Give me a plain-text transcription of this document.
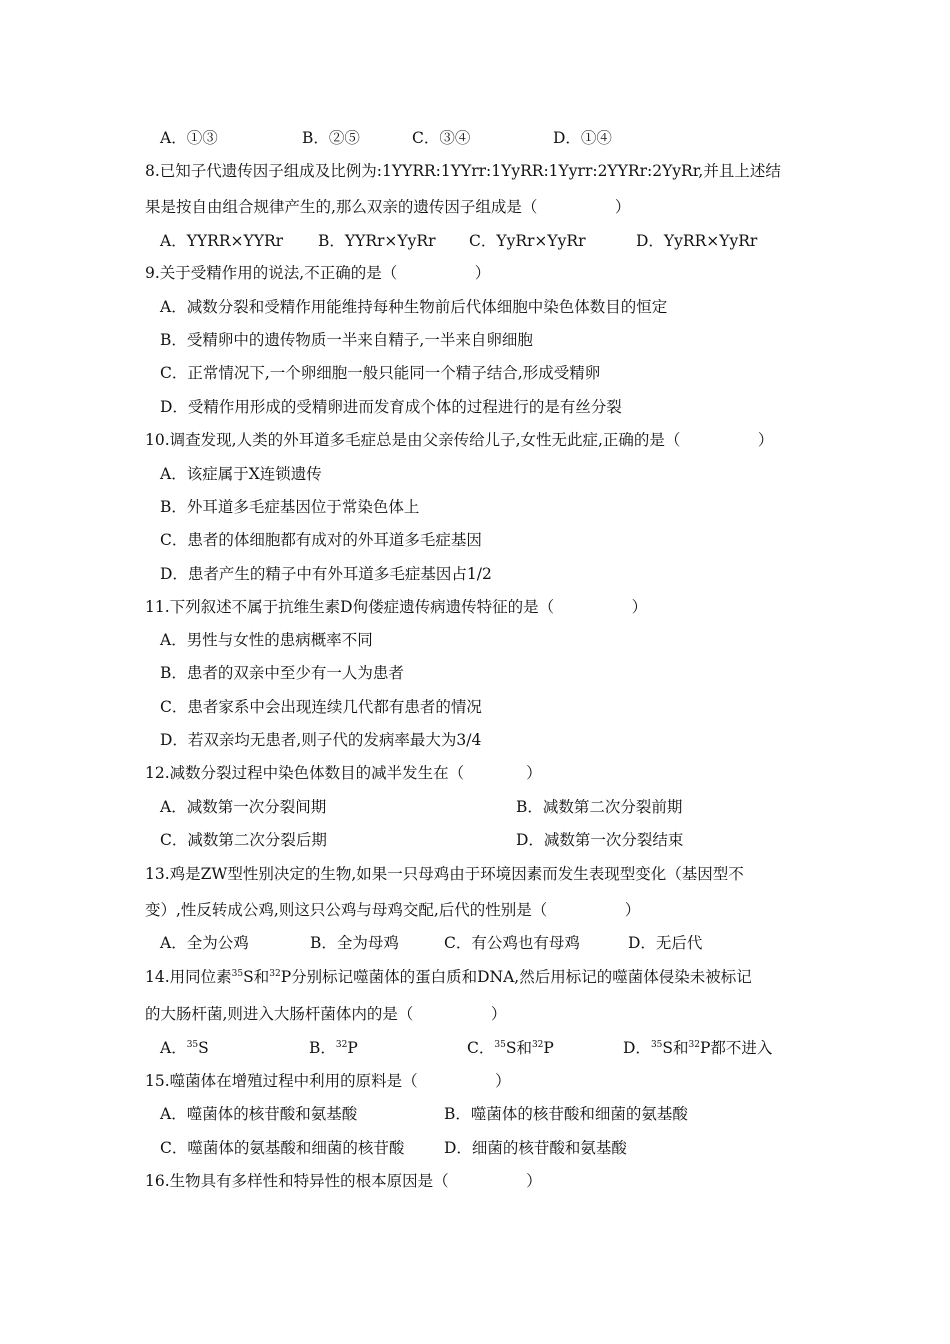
A．①③	B．②⑤	C．③④	D．①④
8.已知子代遗传因子组成及比例为:1YYRR:1YYrr:1YyRR:1Yyrr:2YYRr:2YyRr,并且上述结
果是按自由组合规律产生的,那么双亲的遗传因子组成是（　　　　　）
A．YYRR×YYRr B．YYRr×YyRr C．YyRr×YyRr	D．YyRR×YyRr
9.关于受精作用的说法,不正确的是（　　　　　）
A．减数分裂和受精作用能维持每种生物前后代体细胞中染色体数目的恒定
B．受精卵中的遗传物质一半来自精子,一半来自卵细胞
C．正常情况下,一个卵细胞一般只能同一个精子结合,形成受精卵
D．受精作用形成的受精卵进而发育成个体的过程进行的是有丝分裂
10.调查发现,人类的外耳道多毛症总是由父亲传给儿子,女性无此症,正确的是（　　　　　）
A．该症属于X连锁遗传
B．外耳道多毛症基因位于常染色体上
C．患者的体细胞都有成对的外耳道多毛症基因
D．患者产生的精子中有外耳道多毛症基因占1/2
11.下列叙述不属于抗维生素D佝偻症遗传病遗传特征的是（　　　　　）
A．男性与女性的患病概率不同
B．患者的双亲中至少有一人为患者
C．患者家系中会出现连续几代都有患者的情况
D．若双亲均无患者,则子代的发病率最大为3/4
12.减数分裂过程中染色体数目的减半发生在（　　　　）
A．减数第一次分裂间期	B．减数第二次分裂前期
C．减数第二次分裂后期	D．减数第一次分裂结束
13.鸡是ZW型性别决定的生物,如果一只母鸡由于环境因素而发生表现型变化（基因型不
变）,性反转成公鸡,则这只公鸡与母鸡交配,后代的性别是（　　　　　）
A．全为公鸡	B．全为母鸡	C．有公鸡也有母鸡	D．无后代
14.用同位素$^{35}$S和$^{32}$P分别标记噬菌体的蛋白质和DNA,然后用标记的噬菌体侵染未被标记
的大肠杆菌,则进入大肠杆菌体内的是（　　　　　）
A．$^{35}$S	B．$^{32}$P	C．$^{35}$S和$^{32}$P	D．$^{35}$S和$^{32}$P都不进入
15.噬菌体在增殖过程中利用的原料是（　　　　　）
A．噬菌体的核苷酸和氨基酸	B．噬菌体的核苷酸和细菌的氨基酸
C．噬菌体的氨基酸和细菌的核苷酸	D．细菌的核苷酸和氨基酸
16.生物具有多样性和特异性的根本原因是（　　　　　）
